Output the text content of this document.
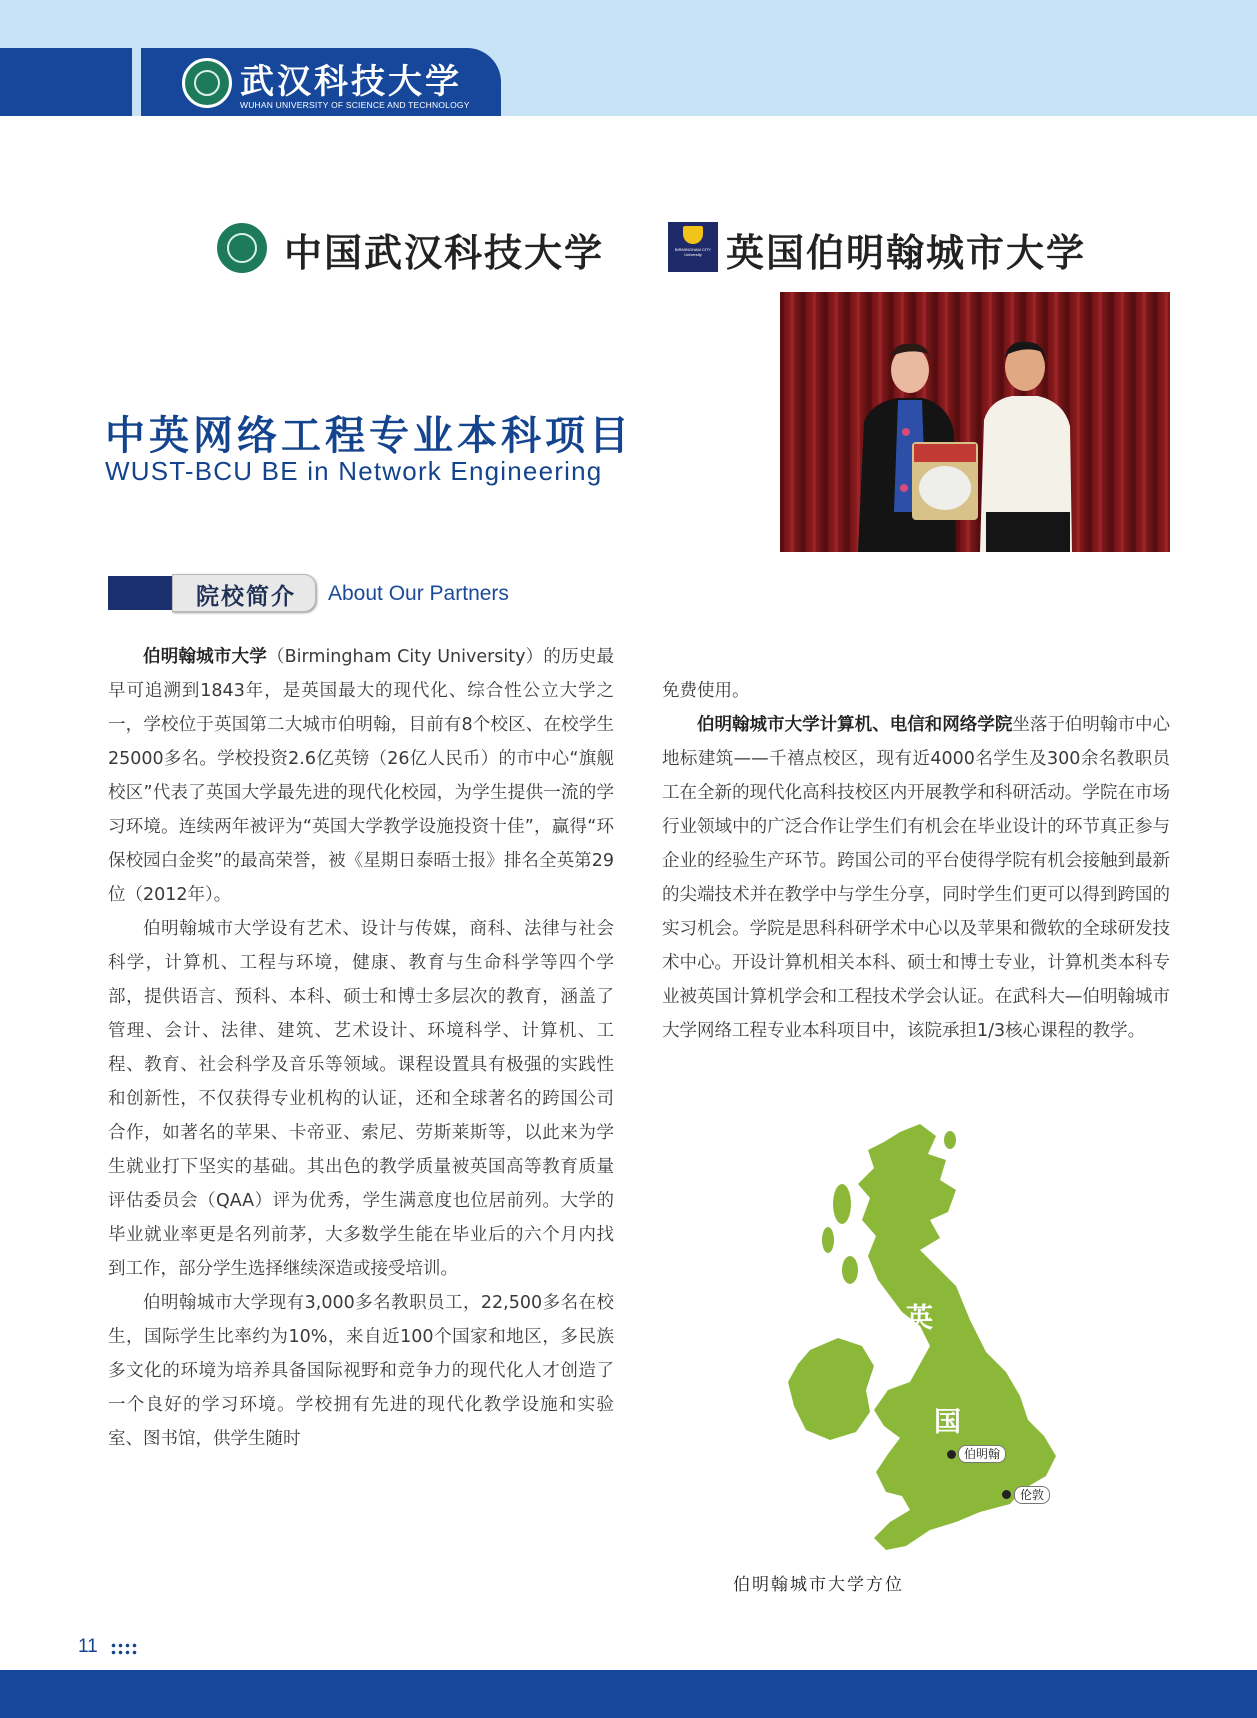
武汉科技大学
WUHAN UNIVERSITY OF SCIENCE AND TECHNOLOGY
中国武汉科技大学	BIRMINGHAM CITY University 英国伯明翰城市大学
中英网络工程专业本科项目
WUST-BCU BE in Network Engineering
院校简介 About Our Partners

伯明翰城市大学（Birmingham City University）的历史最早可追溯到1843年，是英国最大的现代化、综合性公立大学之一，学校位于英国第二大城市伯明翰，目前有8个校区、在校学生25000多名。学校投资2.6亿英镑（26亿人民币）的市中心“旗舰校区”代表了英国大学最先进的现代化校园，为学生提供一流的学习环境。连续两年被评为“英国大学教学设施投资十佳”，赢得“环保校园白金奖”的最高荣誉，被《星期日泰晤士报》排名全英第29位（2012年）。

伯明翰城市大学设有艺术、设计与传媒，商科、法律与社会科学，计算机、工程与环境，健康、教育与生命科学等四个学部，提供语言、预科、本科、硕士和博士多层次的教育，涵盖了管理、会计、法律、建筑、艺术设计、环境科学、计算机、工程、教育、社会科学及音乐等领域。课程设置具有极强的实践性和创新性，不仅获得专业机构的认证，还和全球著名的跨国公司合作，如著名的苹果、卡帝亚、索尼、劳斯莱斯等，以此来为学生就业打下坚实的基础。其出色的教学质量被英国高等教育质量评估委员会（QAA）评为优秀，学生满意度也位居前列。大学的毕业就业率更是名列前茅，大多数学生能在毕业后的六个月内找到工作，部分学生选择继续深造或接受培训。

伯明翰城市大学现有3,000多名教职员工，22,500多名在校生，国际学生比率约为10%，来自近100个国家和地区，多民族多文化的环境为培养具备国际视野和竞争力的现代化人才创造了一个良好的学习环境。学校拥有先进的现代化教学设施和实验室、图书馆，供学生随时

免费使用。

伯明翰城市大学计算机、电信和网络学院坐落于伯明翰市中心地标建筑——千禧点校区，现有近4000名学生及300余名教职员工在全新的现代化高科技校区内开展教学和科研活动。学院在市场行业领域中的广泛合作让学生们有机会在毕业设计的环节真正参与企业的经验生产环节。跨国公司的平台使得学院有机会接触到最新的尖端技术并在教学中与学生分享，同时学生们更可以得到跨国的实习机会。学院是思科科研学术中心以及苹果和微软的全球研发技术中心。开设计算机相关本科、硕士和博士专业，计算机类本科专业被英国计算机学会和工程技术学会认证。在武科大—伯明翰城市大学网络工程专业本科项目中，该院承担1/3核心课程的教学。

英
国
伯明翰
伦敦
伯明翰城市大学方位
11
